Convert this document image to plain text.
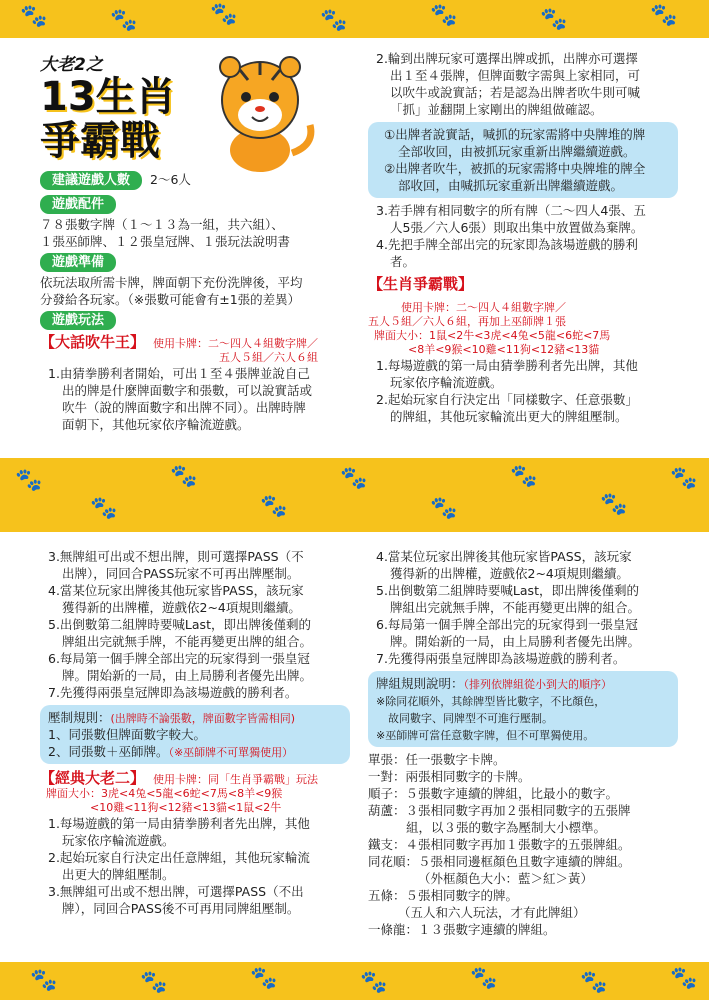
🐾	🐾	🐾	🐾	🐾	🐾	🐾
🐾
🐾
🐾
🐾
🐾
🐾
🐾
🐾
🐾
🐾	🐾	🐾	🐾	🐾	🐾	🐾
大老2之
13生肖
爭霸戰
建議遊戲人數	2～6人
遊戲配件

７８張數字牌（１～１３為一組，共六組）、

１張巫師牌、１２張皇冠牌、１張玩法說明書

遊戲準備

依玩法取所需卡牌，牌面朝下充份洗牌後，平均

分發給各玩家。（※張數可能會有±1張的差異）

遊戲玩法
【大話吹牛王】 使用卡牌：二～四人４組數字牌／
五人５組／六人６組

1.由猜拳勝利者開始，可出１至４張牌並說自己
出的牌是什麼牌面數字和張數，可以說實話或
吹牛（說的牌面數字和出牌不同）。出牌時牌
面朝下，其他玩家依序輪流遊戲。

2.輪到出牌玩家可選擇出牌或抓，出牌亦可選擇
出１至４張牌，但牌面數字需與上家相同，可
以吹牛或說實話；若是認為出牌者吹牛則可喊
「抓」並翻開上家剛出的牌組做確認。

①出牌者說實話，喊抓的玩家需將中央牌堆的牌
全部收回，由被抓玩家重新出牌繼續遊戲。

②出牌者吹牛，被抓的玩家需將中央牌堆的牌全
部收回，由喊抓玩家重新出牌繼續遊戲。

3.若手牌有相同數字的所有牌（二～四人4張、五
人5張／六人6張）則取出集中放置做為棄牌。

4.先把手牌全部出完的玩家即為該場遊戲的勝利
者。

【生肖爭霸戰】
使用卡牌：二～四人４組數字牌／
五人５組／六人６組，再加上巫師牌１張

牌面大小：1鼠<2牛<3虎<4兔<5龍<6蛇<7馬

<8羊<9猴<10雞<11狗<12豬<13貓

1.每場遊戲的第一局由猜拳勝利者先出牌，其他
玩家依序輪流遊戲。

2.起始玩家自行決定出「同樣數字、任意張數」
的牌組，其他玩家輪流出更大的牌組壓制。

3.無牌組可出或不想出牌，則可選擇PASS（不
出牌），同回合PASS玩家不可再出牌壓制。

4.當某位玩家出牌後其他玩家皆PASS，該玩家
獲得新的出牌權，遊戲依2~4項規則繼續。

5.出倒數第二組牌時要喊Last，即出牌後僅剩的
牌組出完就無手牌，不能再變更出牌的組合。

6.每局第一個手牌全部出完的玩家得到一張皇冠
牌。開始新的一局，由上局勝利者優先出牌。

7.先獲得兩張皇冠牌即為該場遊戲的勝利者。

壓制規則：(出牌時不論張數，牌面數字皆需相同)
1、同張數但牌面數字較大。
2、同張數＋巫師牌。（※巫師牌不可單獨使用）
【經典大老二】 使用卡牌：同「生肖爭霸戰」玩法

牌面大小：3虎<4兔<5龍<6蛇<7馬<8羊<9猴

<10雞<11狗<12豬<13貓<1鼠<2牛

1.每場遊戲的第一局由猜拳勝利者先出牌，其他
玩家依序輪流遊戲。

2.起始玩家自行決定出任意牌組，其他玩家輪流
出更大的牌組壓制。

3.無牌組可出或不想出牌，可選擇PASS（不出
牌），同回合PASS後不可再用同牌組壓制。

4.當某位玩家出牌後其他玩家皆PASS，該玩家
獲得新的出牌權，遊戲依2~4項規則繼續。

5.出倒數第二組牌時要喊Last，即出牌後僅剩的
牌組出完就無手牌，不能再變更出牌的組合。

6.每局第一個手牌全部出完的玩家得到一張皇冠
牌。開始新的一局，由上局勝利者優先出牌。

7.先獲得兩張皇冠牌即為該場遊戲的勝利者。

牌組規則說明：（排列依牌組從小到大的順序）
※除同花順外，其餘牌型皆比數字，不比顏色，
故同數字、同牌型不可進行壓制。
※巫師牌可當任意數字牌，但不可單獨使用。

單張：任一張數字卡牌。

一對：兩張相同數字的卡牌。

順子：５張數字連續的牌組，比最小的數字。

葫蘆：３張相同數字再加２張相同數字的五張牌

組，以３張的數字為壓制大小標準。

鐵支：４張相同數字再加１張數字的五張牌組。

同花順：５張相同邊框顏色且數字連續的牌組。

（外框顏色大小：藍＞紅＞黃）

五條：５張相同數字的牌。

（五人和六人玩法，才有此牌組）

一條龍：１３張數字連續的牌組。
